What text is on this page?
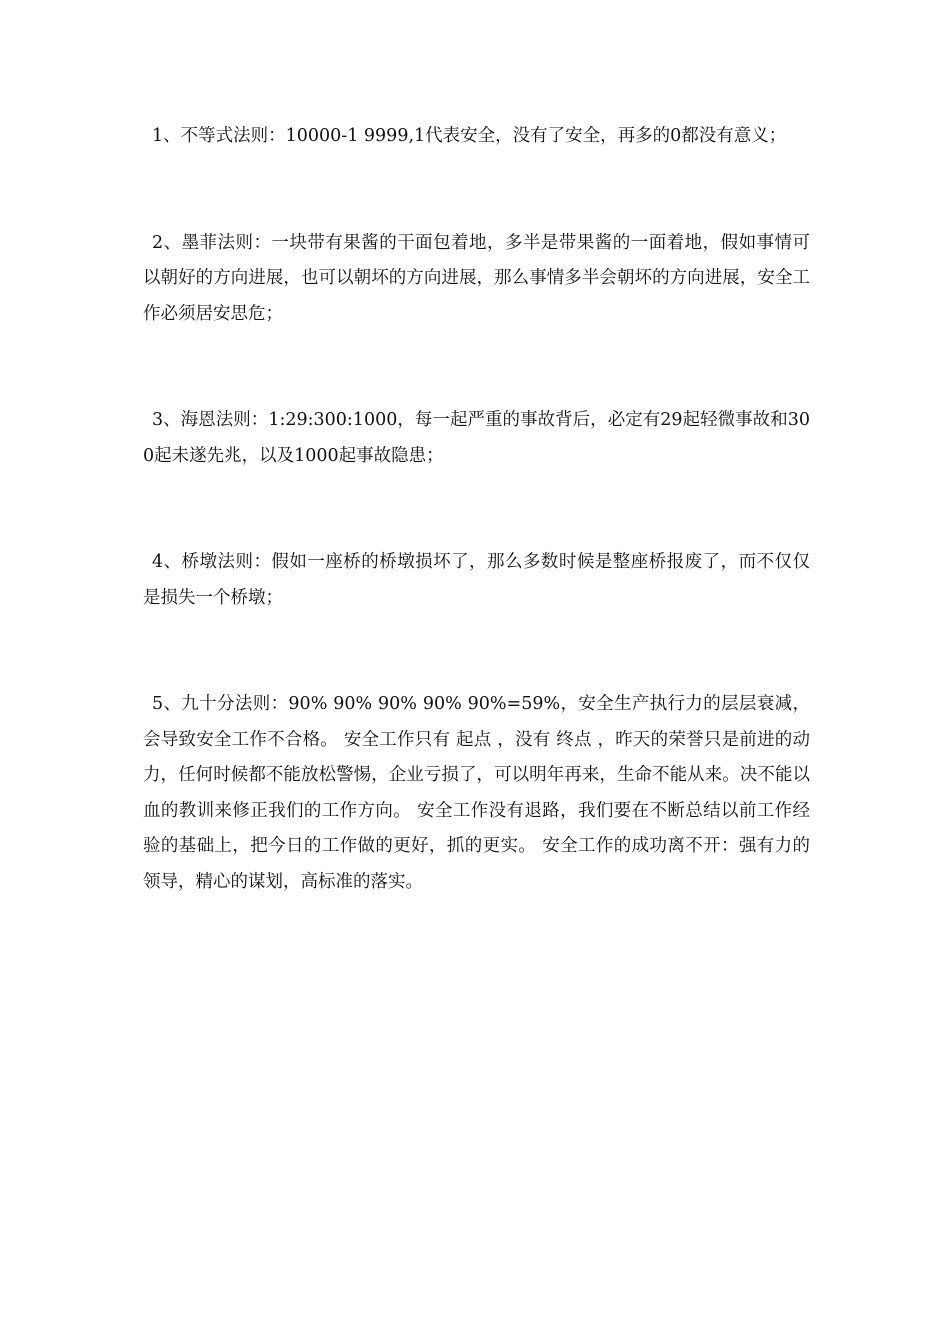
1、不等式法则：10000-1 9999,1代表安全，没有了安全，再多的0都没有意义；

2、墨菲法则：一块带有果酱的干面包着地，多半是带果酱的一面着地，假如事情可以朝好的方向进展，也可以朝坏的方向进展，那么事情多半会朝坏的方向进展，安全工作必须居安思危；

3、海恩法则：1:29:300:1000，每一起严重的事故背后，必定有29起轻微事故和300起未遂先兆，以及1000起事故隐患；

4、桥墩法则：假如一座桥的桥墩损坏了，那么多数时候是整座桥报废了，而不仅仅是损失一个桥墩；

5、九十分法则：90% 90% 90% 90% 90%=59%，安全生产执行力的层层衰减，会导致安全工作不合格。 安全工作只有 起点 ，没有 终点 ，昨天的荣誉只是前进的动力，任何时候都不能放松警惕，企业亏损了，可以明年再来，生命不能从来。决不能以血的教训来修正我们的工作方向。 安全工作没有退路，我们要在不断总结以前工作经验的基础上，把今日的工作做的更好，抓的更实。 安全工作的成功离不开：强有力的领导，精心的谋划，高标准的落实。
